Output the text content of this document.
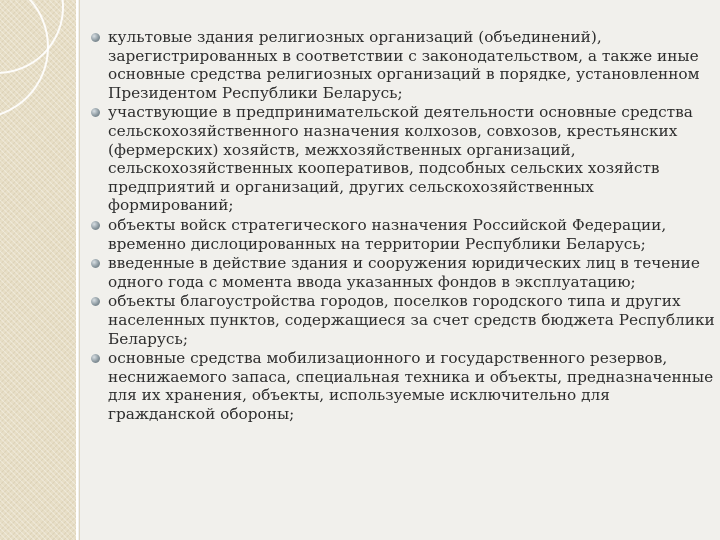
культовые здания религиозных организаций (объединений), зарегистрированных в соответствии с законодательством, а также иные основные средства религиозных организаций в порядке, установленном Президентом Республики Беларусь;
участвующие в предпринимательской деятельности основные средства сельскохозяйственного назначения колхозов, совхозов, крестьянских (фермерских) хозяйств, межхозяйственных организаций, сельскохозяйственных кооперативов, подсобных сельских хозяйств предприятий и организаций, других сельскохозяйственных формирований;
объекты войск стратегического назначения Российской Федерации, временно дислоцированных на территории Республики Беларусь;
введенные в действие здания и сооружения юридических лиц в течение одного года с момента ввода указанных фондов в эксплуатацию;
объекты благоустройства городов, поселков городского типа и других населенных пунктов, содержащиеся за счет средств бюджета Республики Беларусь;
основные средства мобилизационного и государственного резервов, неснижаемого запаса, специальная техника и объекты, предназначенные для их хранения, объекты, используемые исключительно для гражданской обороны;
